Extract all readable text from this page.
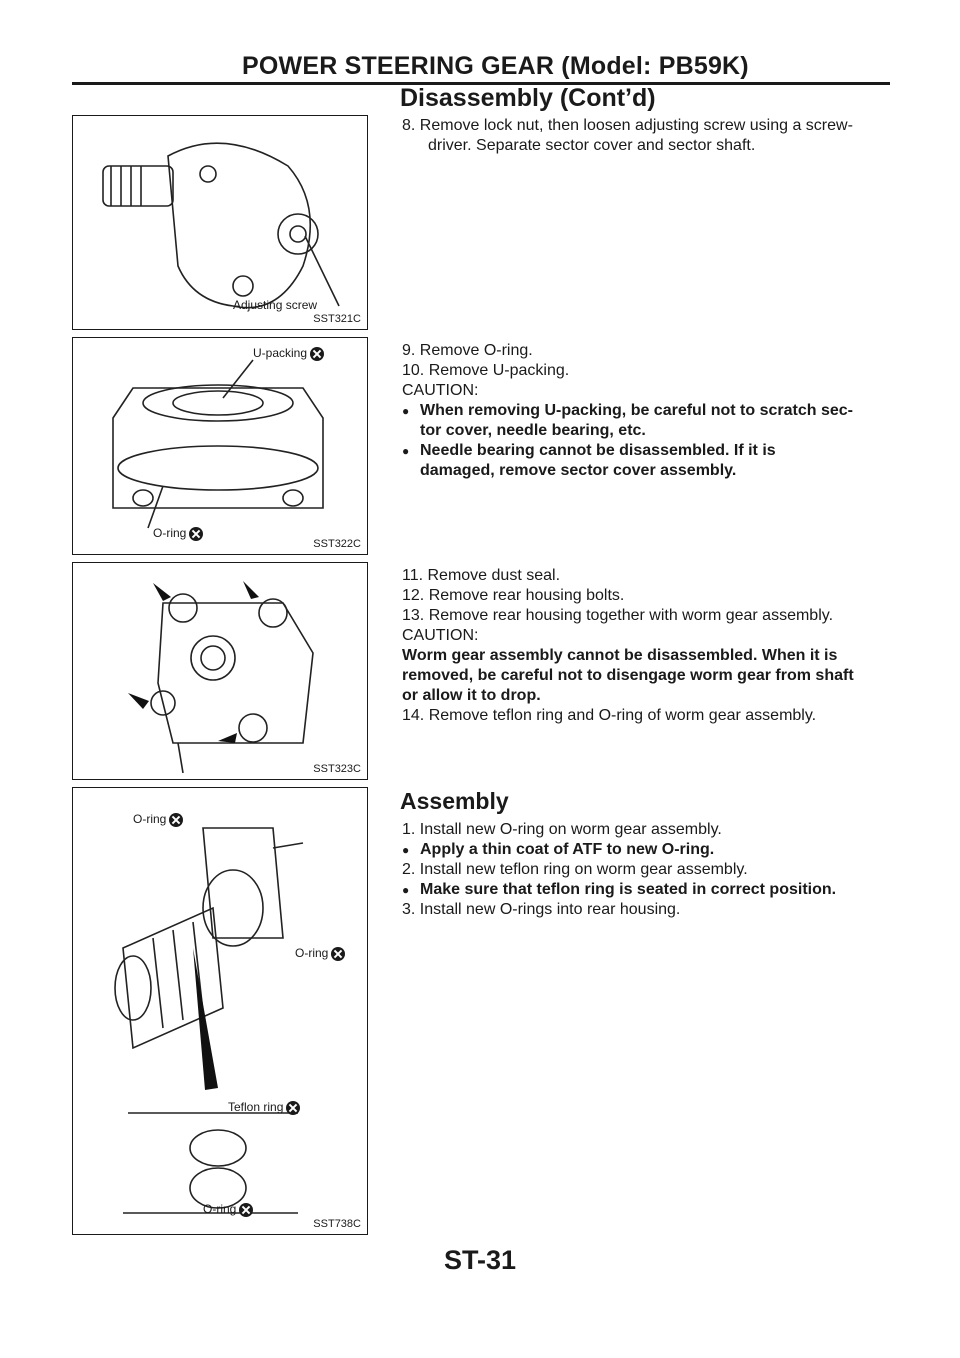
POWER STEERING GEAR (Model: PB59K)
Disassembly (Cont’d)
Adjusting screw
SST321C
U-packing
O-ring
SST322C
SST323C
O-ring
O-ring
Teflon ring
O-ring
SST738C

8. Remove lock nut, then loosen adjusting screw using a screw-

driver. Separate sector cover and sector shaft.

9. Remove O-ring.

10. Remove U-packing.

CAUTION:

● When removing U-packing, be careful not to scratch sec-

tor cover, needle bearing, etc.

● Needle bearing cannot be disassembled. If it is

damaged, remove sector cover assembly.

11. Remove dust seal.

12. Remove rear housing bolts.

13. Remove rear housing together with worm gear assembly.

CAUTION:

Worm gear assembly cannot be disassembled. When it is

removed, be careful not to disengage worm gear from shaft

or allow it to drop.

14. Remove teflon ring and O-ring of worm gear assembly.

Assembly

1. Install new O-ring on worm gear assembly.

● Apply a thin coat of ATF to new O-ring.

2. Install new teflon ring on worm gear assembly.

● Make sure that teflon ring is seated in correct position.

3. Install new O-rings into rear housing.

ST-31
